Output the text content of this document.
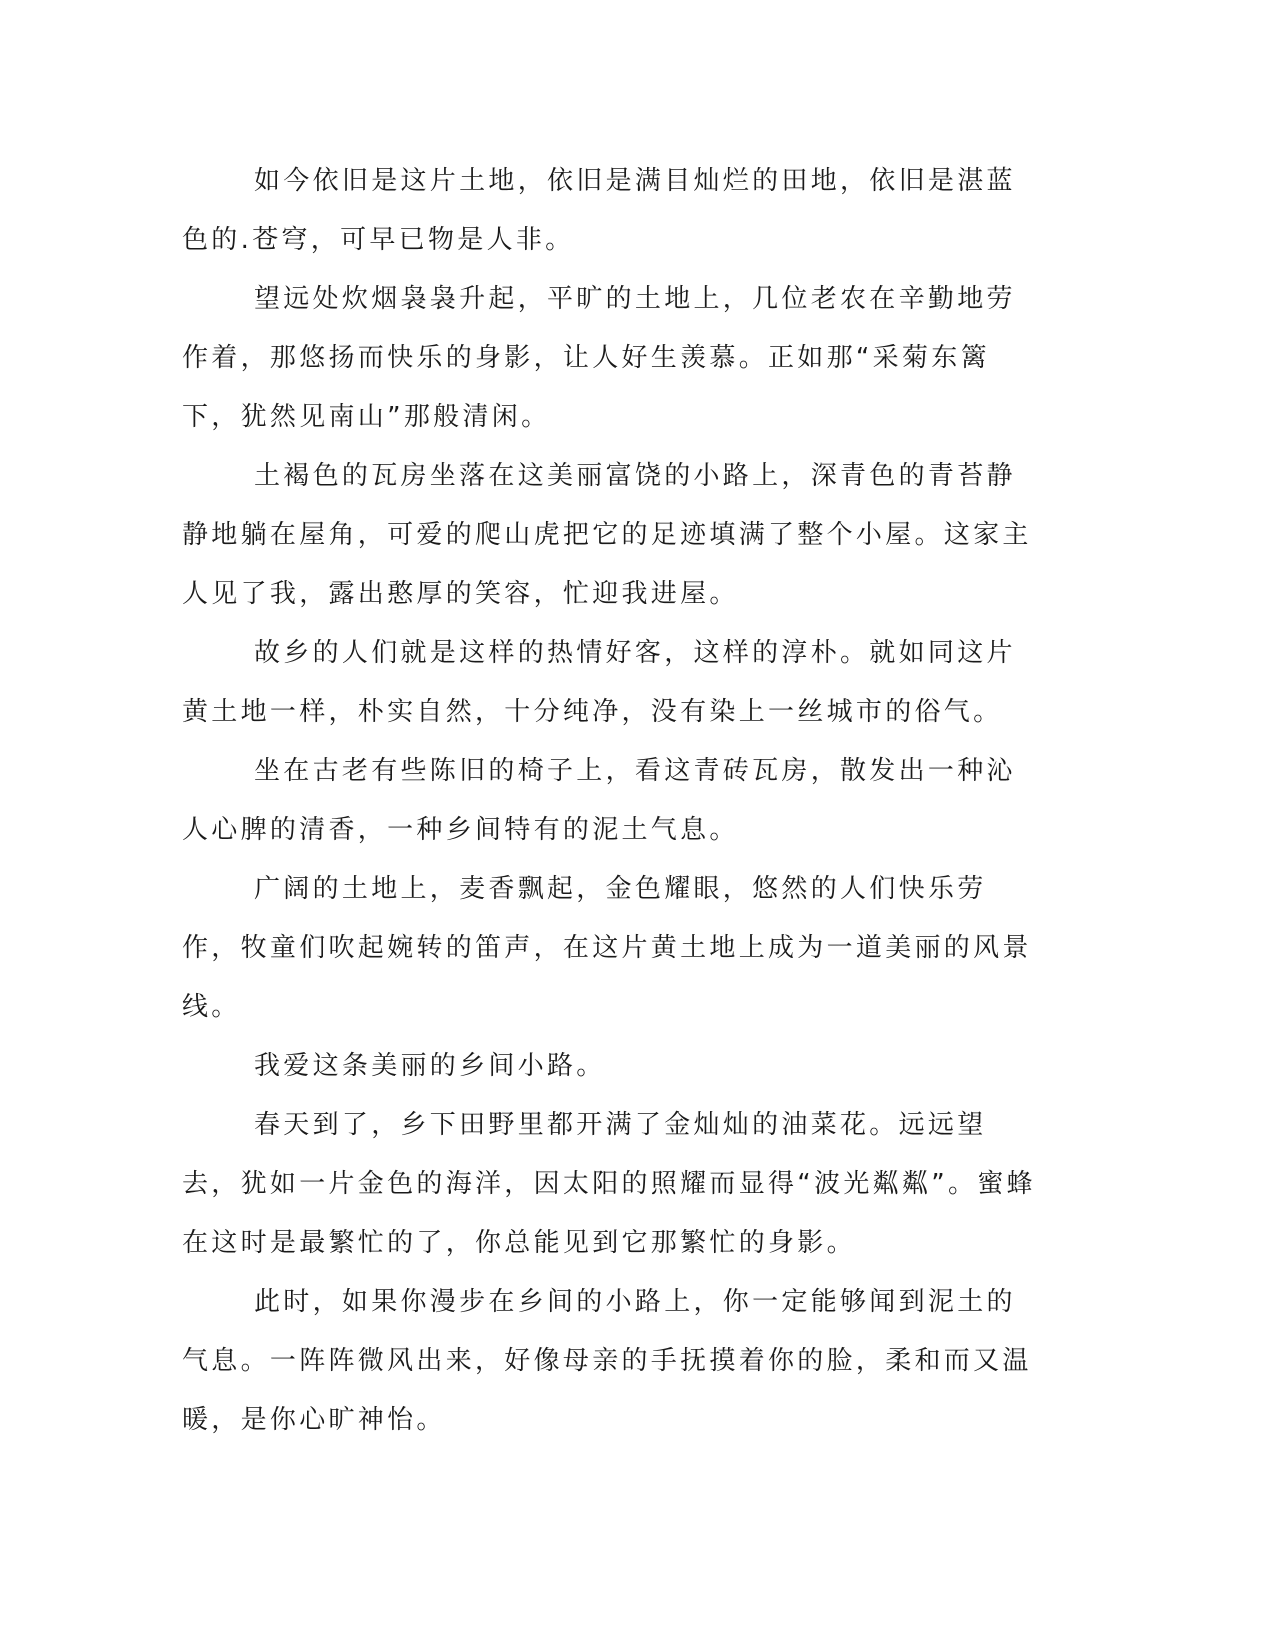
如今依旧是这片土地，依旧是满目灿烂的田地，依旧是湛蓝色的.苍穹，可早已物是人非。

望远处炊烟袅袅升起，平旷的土地上，几位老农在辛勤地劳作着，那悠扬而快乐的身影，让人好生羡慕。正如那“采菊东篱下，犹然见南山”那般清闲。

土褐色的瓦房坐落在这美丽富饶的小路上，深青色的青苔静静地躺在屋角，可爱的爬山虎把它的足迹填满了整个小屋。这家主人见了我，露出憨厚的笑容，忙迎我进屋。

故乡的人们就是这样的热情好客，这样的淳朴。就如同这片黄土地一样，朴实自然，十分纯净，没有染上一丝城市的俗气。

坐在古老有些陈旧的椅子上，看这青砖瓦房，散发出一种沁人心脾的清香，一种乡间特有的泥土气息。

广阔的土地上，麦香飘起，金色耀眼，悠然的人们快乐劳作，牧童们吹起婉转的笛声，在这片黄土地上成为一道美丽的风景线。

我爱这条美丽的乡间小路。

春天到了，乡下田野里都开满了金灿灿的油菜花。远远望去，犹如一片金色的海洋，因太阳的照耀而显得“波光粼粼”。蜜蜂在这时是最繁忙的了，你总能见到它那繁忙的身影。

此时，如果你漫步在乡间的小路上，你一定能够闻到泥土的气息。一阵阵微风出来，好像母亲的手抚摸着你的脸，柔和而又温暖，是你心旷神怡。
